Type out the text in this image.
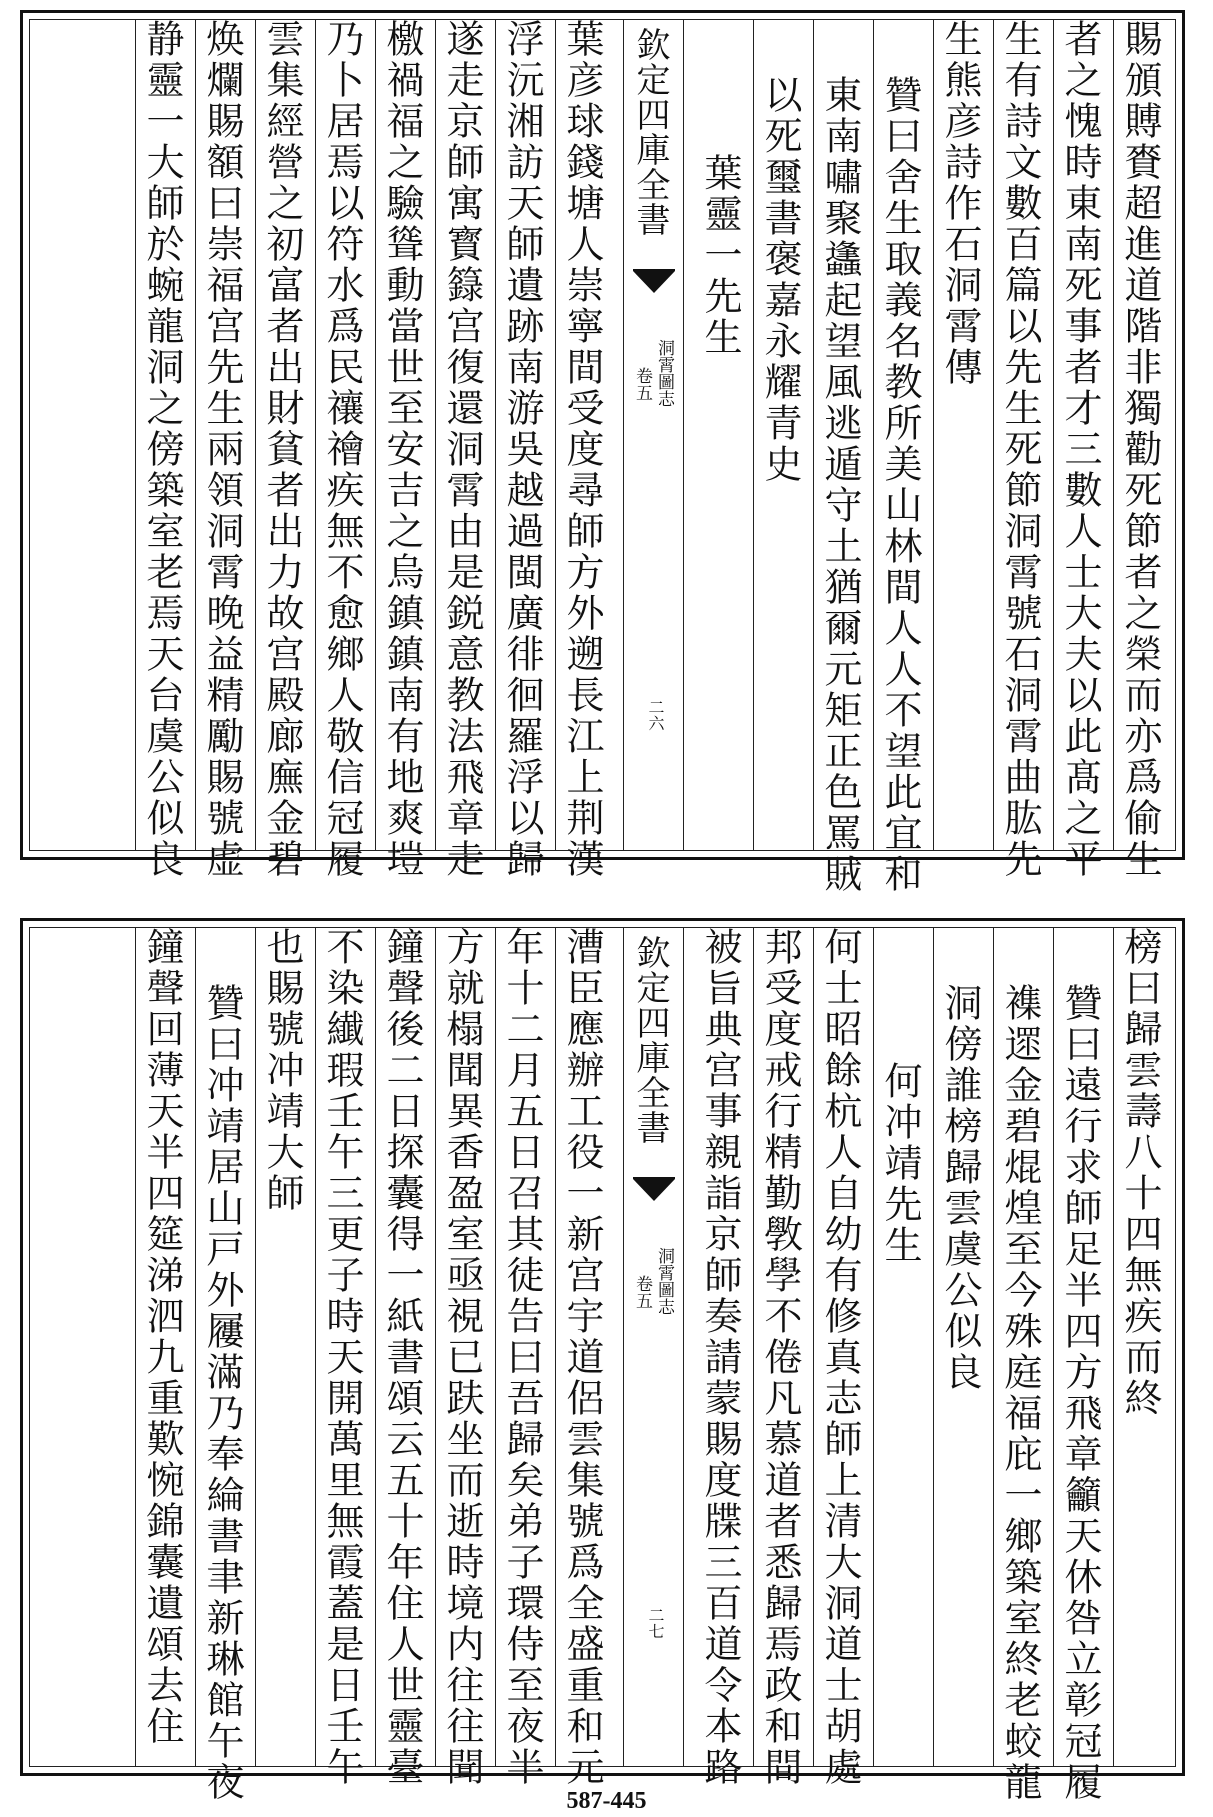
賜頒賻賚超進道階非獨勸死節者之榮而亦爲偷生
者之愧時東南死事者才三數人士大夫以此髙之平
生有詩文數百篇以先生死節洞霄號石洞霄曲肱先
生熊彦詩作石洞霄傳
贊曰舍生取義名教所美山林間人人不望此宜和
東南嘯聚蠭起望風逃遁守土猶爾元矩正色罵賊
以死璽書褒嘉永耀青史
葉靈一先生
欽定四庫全書
洞霄圖志
卷五
二六
葉彦球錢塘人崇寧間受度尋師方外遡長江上荆漢
浮沅湘訪天師遺跡南游吳越過閩廣徘徊羅浮以歸
遂走京師寓寳籙宫復還洞霄由是鋭意教法飛章走
檄禍福之驗聳動當世至安吉之烏鎮鎮南有地爽塏
乃卜居焉以符水爲民禳禬疾無不愈鄉人敬信冠履
雲集經營之初富者出財貧者出力故宫殿廊廡金碧
焕爛賜額曰崇福宫先生兩領洞霄晚益精勵賜號虚
静靈一大師於蜿龍洞之傍築室老焉天台虞公似良
榜曰歸雲壽八十四無疾而終
贊曰遠行求師足半四方飛章籲天休咎立彰冠履
襍遝金碧焜煌至今殊庭福庇一鄉築室終老蛟龍
洞傍誰榜歸雲虞公似良
何冲靖先生
何士昭餘杭人自幼有修真志師上清大洞道士胡處
邦受度戒行精勤斆學不倦凡慕道者悉歸焉政和間
被旨典宫事親詣京師奏請蒙賜度牒三百道令本路
欽定四庫全書
洞霄圖志
卷五
二七
漕臣應辦工役一新宫宇道侶雲集號爲全盛重和元
年十二月五日召其徒告曰吾歸矣弟子環侍至夜半
方就榻聞異香盈室亟視已趺坐而逝時境内往往聞
鐘聲後二日探囊得一紙書頌云五十年住人世靈臺
不染纎瑕壬午三更子時天開萬里無霞蓋是日壬午
也賜號冲靖大師
贊曰冲靖居山戸外屨滿乃奉綸書聿新琳館午夜
鐘聲回薄天半四筵涕泗九重歎惋錦囊遺頌去住
587-445
